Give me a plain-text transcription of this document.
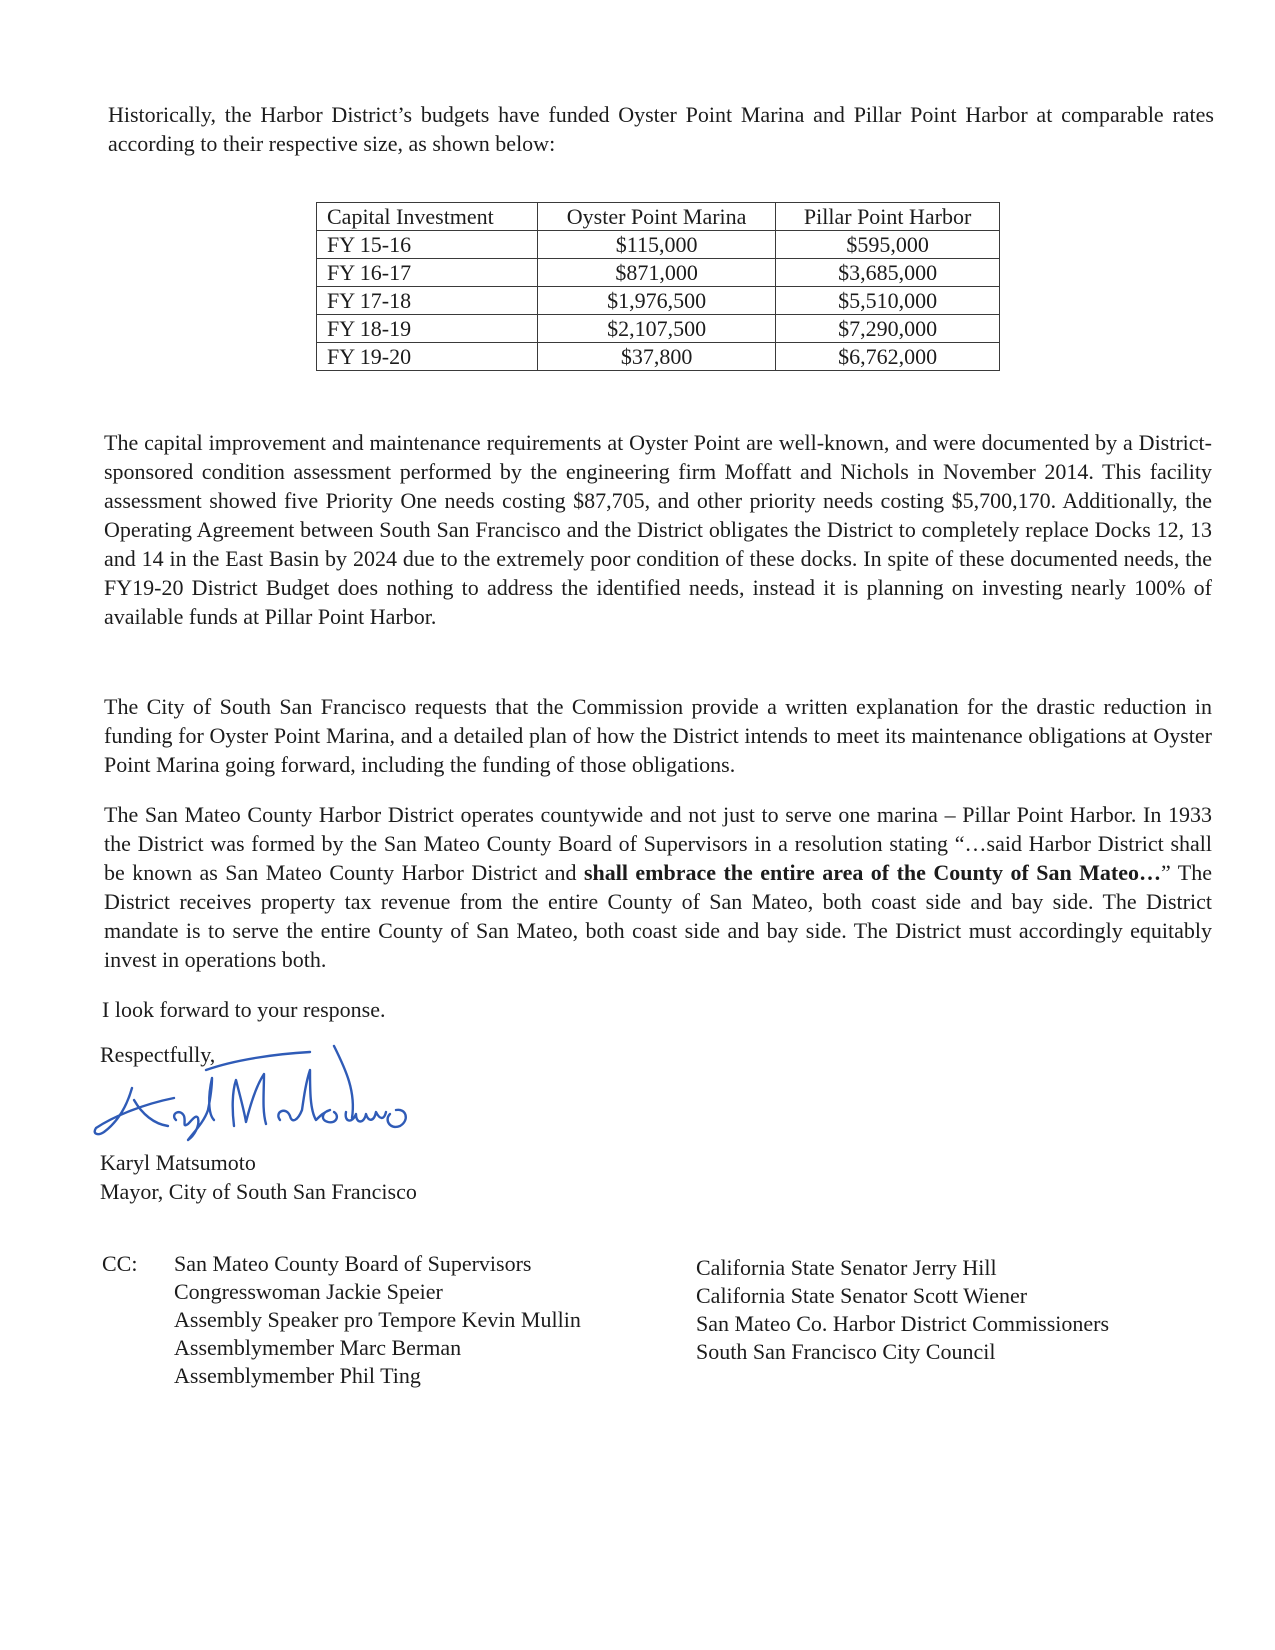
Historically, the Harbor District’s budgets have funded Oyster Point Marina and Pillar Point Harbor at comparable rates according to their respective size, as shown below:

Capital Investment	Oyster Point Marina	Pillar Point Harbor
FY 15-16	$115,000	$595,000
FY 16-17	$871,000	$3,685,000
FY 17-18	$1,976,500	$5,510,000
FY 18-19	$2,107,500	$7,290,000
FY 19-20	$37,800	$6,762,000

The capital improvement and maintenance requirements at Oyster Point are well-known, and were documented by a District-sponsored condition assessment performed by the engineering firm Moffatt and Nichols in November 2014. This facility assessment showed five Priority One needs costing $87,705, and other priority needs costing $5,700,170. Additionally, the Operating Agreement between South San Francisco and the District obligates the District to completely replace Docks 12, 13 and 14 in the East Basin by 2024 due to the extremely poor condition of these docks. In spite of these documented needs, the FY19-20 District Budget does nothing to address the identified needs, instead it is planning on investing nearly 100% of available funds at Pillar Point Harbor.

The City of South San Francisco requests that the Commission provide a written explanation for the drastic reduction in funding for Oyster Point Marina, and a detailed plan of how the District intends to meet its maintenance obligations at Oyster Point Marina going forward, including the funding of those obligations.

The San Mateo County Harbor District operates countywide and not just to serve one marina – Pillar Point Harbor. In 1933 the District was formed by the San Mateo County Board of Supervisors in a resolution stating “…said Harbor District shall be known as San Mateo County Harbor District and shall embrace the entire area of the County of San Mateo…” The District receives property tax revenue from the entire County of San Mateo, both coast side and bay side. The District mandate is to serve the entire County of San Mateo, both coast side and bay side. The District must accordingly equitably invest in operations both.

I look forward to your response.

Respectfully,
Karyl Matsumoto
Karyl Matsumoto
Mayor, City of South San Francisco
CC: San Mateo County Board of Supervisors
Congresswoman Jackie Speier
Assembly Speaker pro Tempore Kevin Mullin
Assemblymember Marc Berman
Assemblymember Phil Ting
California State Senator Jerry Hill
California State Senator Scott Wiener
San Mateo Co. Harbor District Commissioners
South San Francisco City Council
